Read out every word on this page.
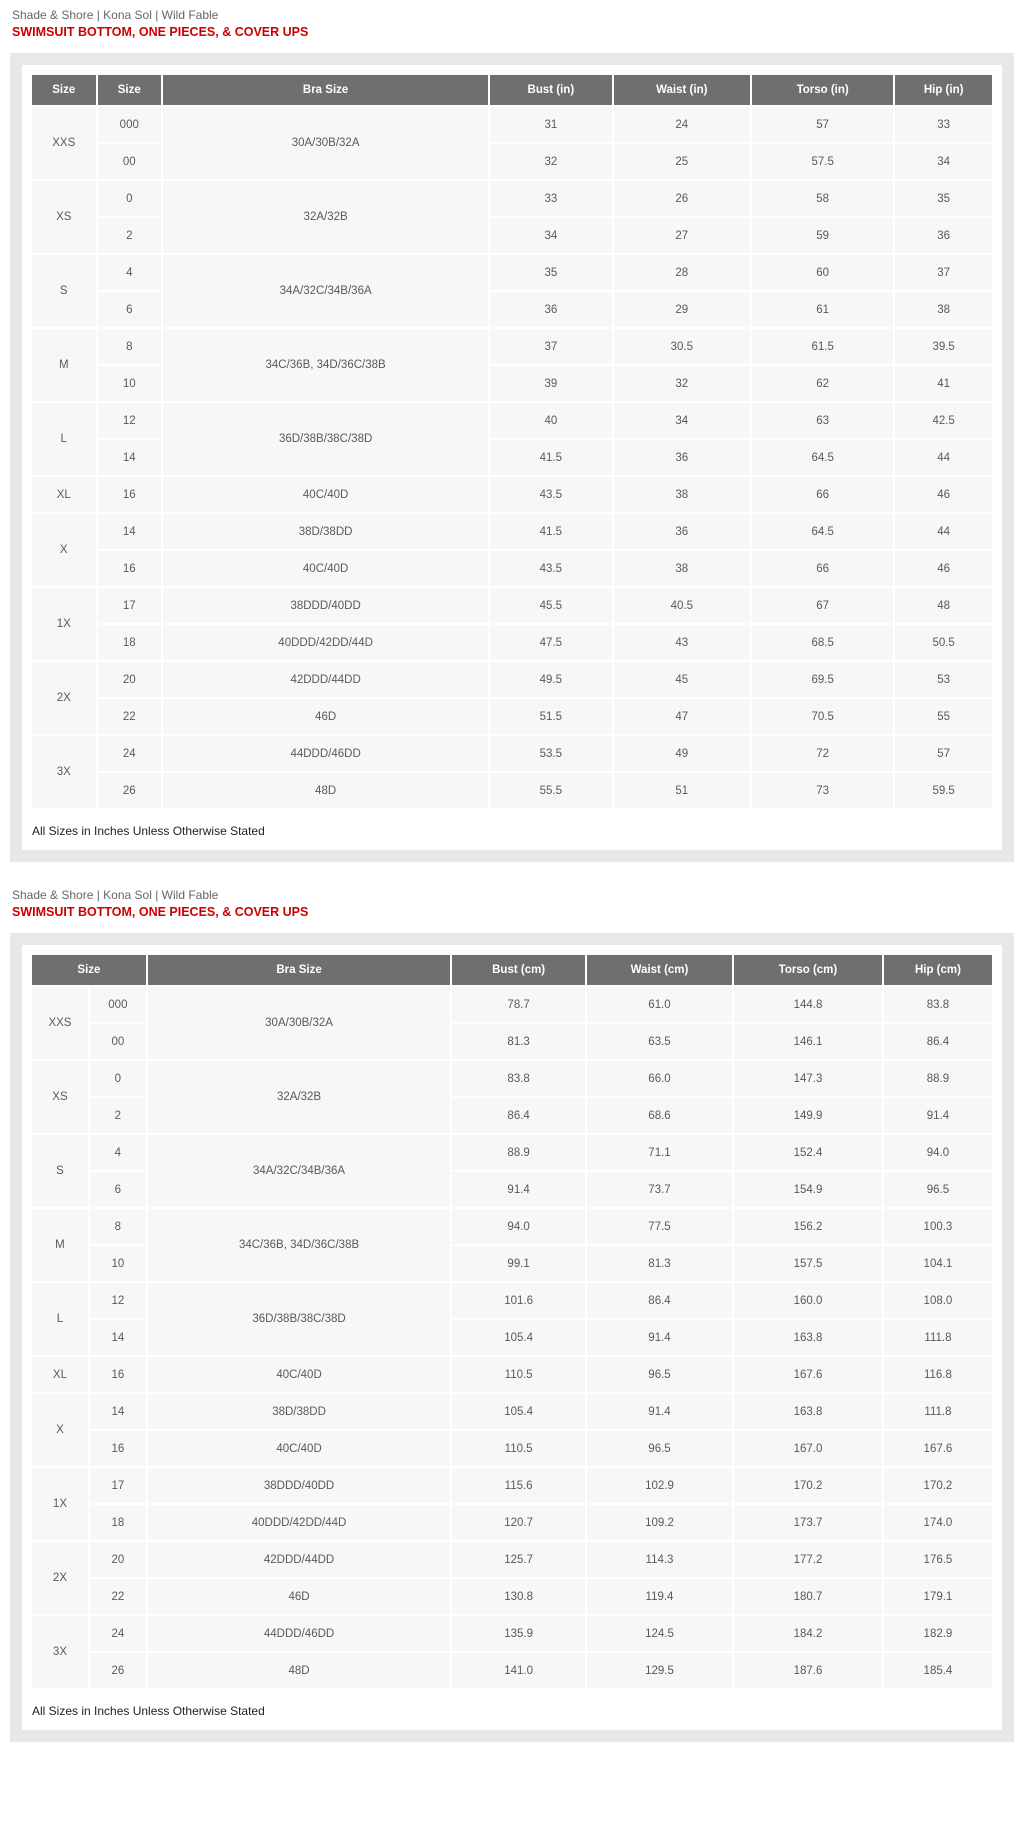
Shade & Shore | Kona Sol | Wild Fable
SWIMSUIT BOTTOM, ONE PIECES, & COVER UPS
Size	Size	Bra Size	Bust (in)	Waist (in)	Torso (in)	Hip (in)
XXS	000	30A/30B/32A	31	24	57	33
	00		32	25	57.5	34
XS	0	32A/32B	33	26	58	35
	2		34	27	59	36
S	4	34A/32C/34B/36A	35	28	60	37
	6		36	29	61	38
M	8	34C/36B, 34D/36C/38B	37	30.5	61.5	39.5
	10		39	32	62	41
L	12	36D/38B/38C/38D	40	34	63	42.5
	14		41.5	36	64.5	44
XL	16	40C/40D	43.5	38	66	46
X	14	38D/38DD	41.5	36	64.5	44
	16	40C/40D	43.5	38	66	46
1X	17	38DDD/40DD	45.5	40.5	67	48
	18	40DDD/42DD/44D	47.5	43	68.5	50.5
2X	20	42DDD/44DD	49.5	45	69.5	53
	22	46D	51.5	47	70.5	55
3X	24	44DDD/46DD	53.5	49	72	57
	26	48D	55.5	51	73	59.5
All Sizes in Inches Unless Otherwise Stated
Shade & Shore | Kona Sol | Wild Fable
SWIMSUIT BOTTOM, ONE PIECES, & COVER UPS
Size		Bra Size	Bust (cm)	Waist (cm)	Torso (cm)	Hip (cm)
XXS	000	30A/30B/32A	78.7	61.0	144.8	83.8
	00		81.3	63.5	146.1	86.4
XS	0	32A/32B	83.8	66.0	147.3	88.9
	2		86.4	68.6	149.9	91.4
S	4	34A/32C/34B/36A	88.9	71.1	152.4	94.0
	6		91.4	73.7	154.9	96.5
M	8	34C/36B, 34D/36C/38B	94.0	77.5	156.2	100.3
	10		99.1	81.3	157.5	104.1
L	12	36D/38B/38C/38D	101.6	86.4	160.0	108.0
	14		105.4	91.4	163.8	111.8
XL	16	40C/40D	110.5	96.5	167.6	116.8
X	14	38D/38DD	105.4	91.4	163.8	111.8
	16	40C/40D	110.5	96.5	167.0	167.6
1X	17	38DDD/40DD	115.6	102.9	170.2	170.2
	18	40DDD/42DD/44D	120.7	109.2	173.7	174.0
2X	20	42DDD/44DD	125.7	114.3	177.2	176.5
	22	46D	130.8	119.4	180.7	179.1
3X	24	44DDD/46DD	135.9	124.5	184.2	182.9
	26	48D	141.0	129.5	187.6	185.4
All Sizes in Inches Unless Otherwise Stated
